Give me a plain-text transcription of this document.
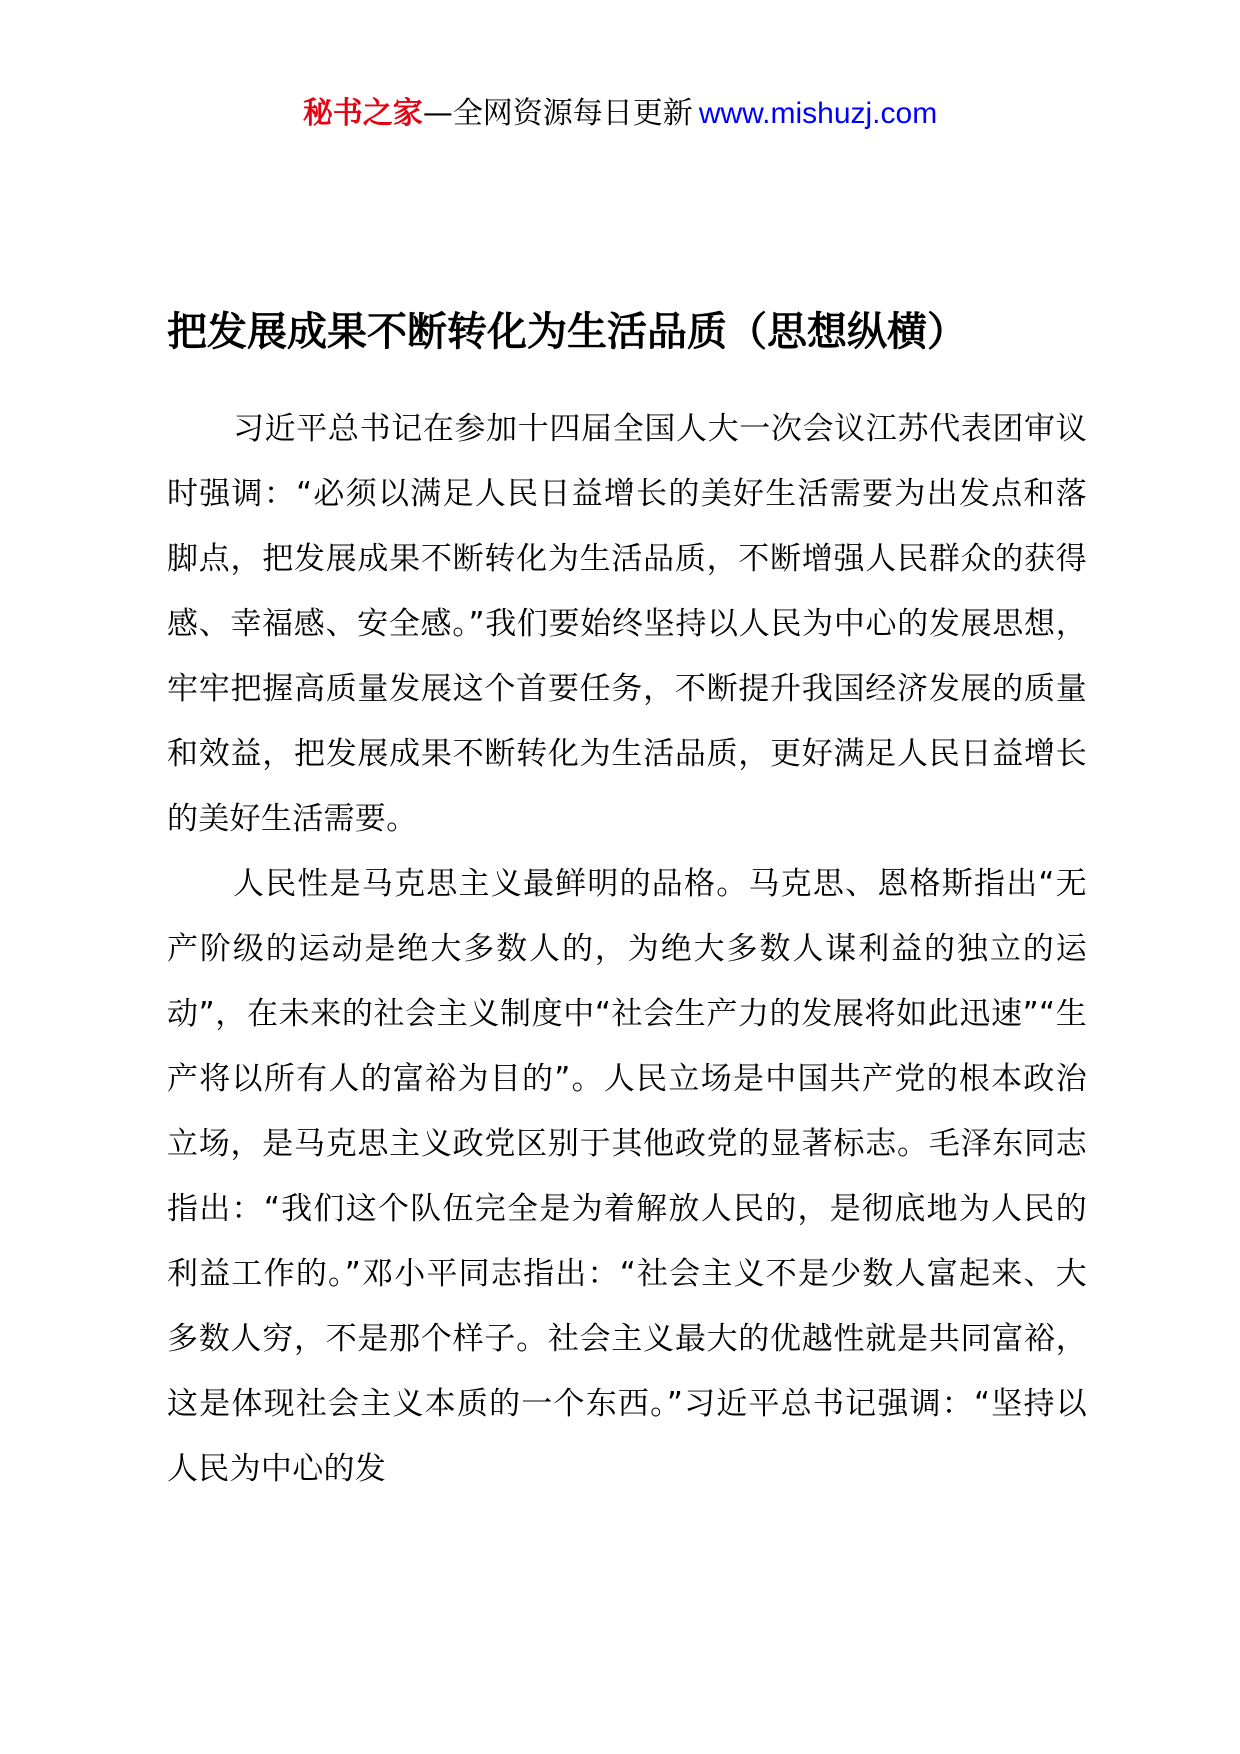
秘书之家—全网资源每日更新 www.mishuzj.com
把发展成果不断转化为生活品质（思想纵横）

习近平总书记在参加十四届全国人大一次会议江苏代表团审议时强调：“必须以满足人民日益增长的美好生活需要为出发点和落脚点，把发展成果不断转化为生活品质，不断增强人民群众的获得感、幸福感、安全感。”我们要始终坚持以人民为中心的发展思想，牢牢把握高质量发展这个首要任务，不断提升我国经济发展的质量和效益，把发展成果不断转化为生活品质，更好满足人民日益增长的美好生活需要。

人民性是马克思主义最鲜明的品格。马克思、恩格斯指出“无产阶级的运动是绝大多数人的，为绝大多数人谋利益的独立的运动”，在未来的社会主义制度中“社会生产力的发展将如此迅速”“生产将以所有人的富裕为目的”。人民立场是中国共产党的根本政治立场，是马克思主义政党区别于其他政党的显著标志。毛泽东同志指出：“我们这个队伍完全是为着解放人民的，是彻底地为人民的利益工作的。”邓小平同志指出：“社会主义不是少数人富起来、大多数人穷，不是那个样子。社会主义最大的优越性就是共同富裕，这是体现社会主义本质的一个东西。”习近平总书记强调：“坚持以人民为中心的发
